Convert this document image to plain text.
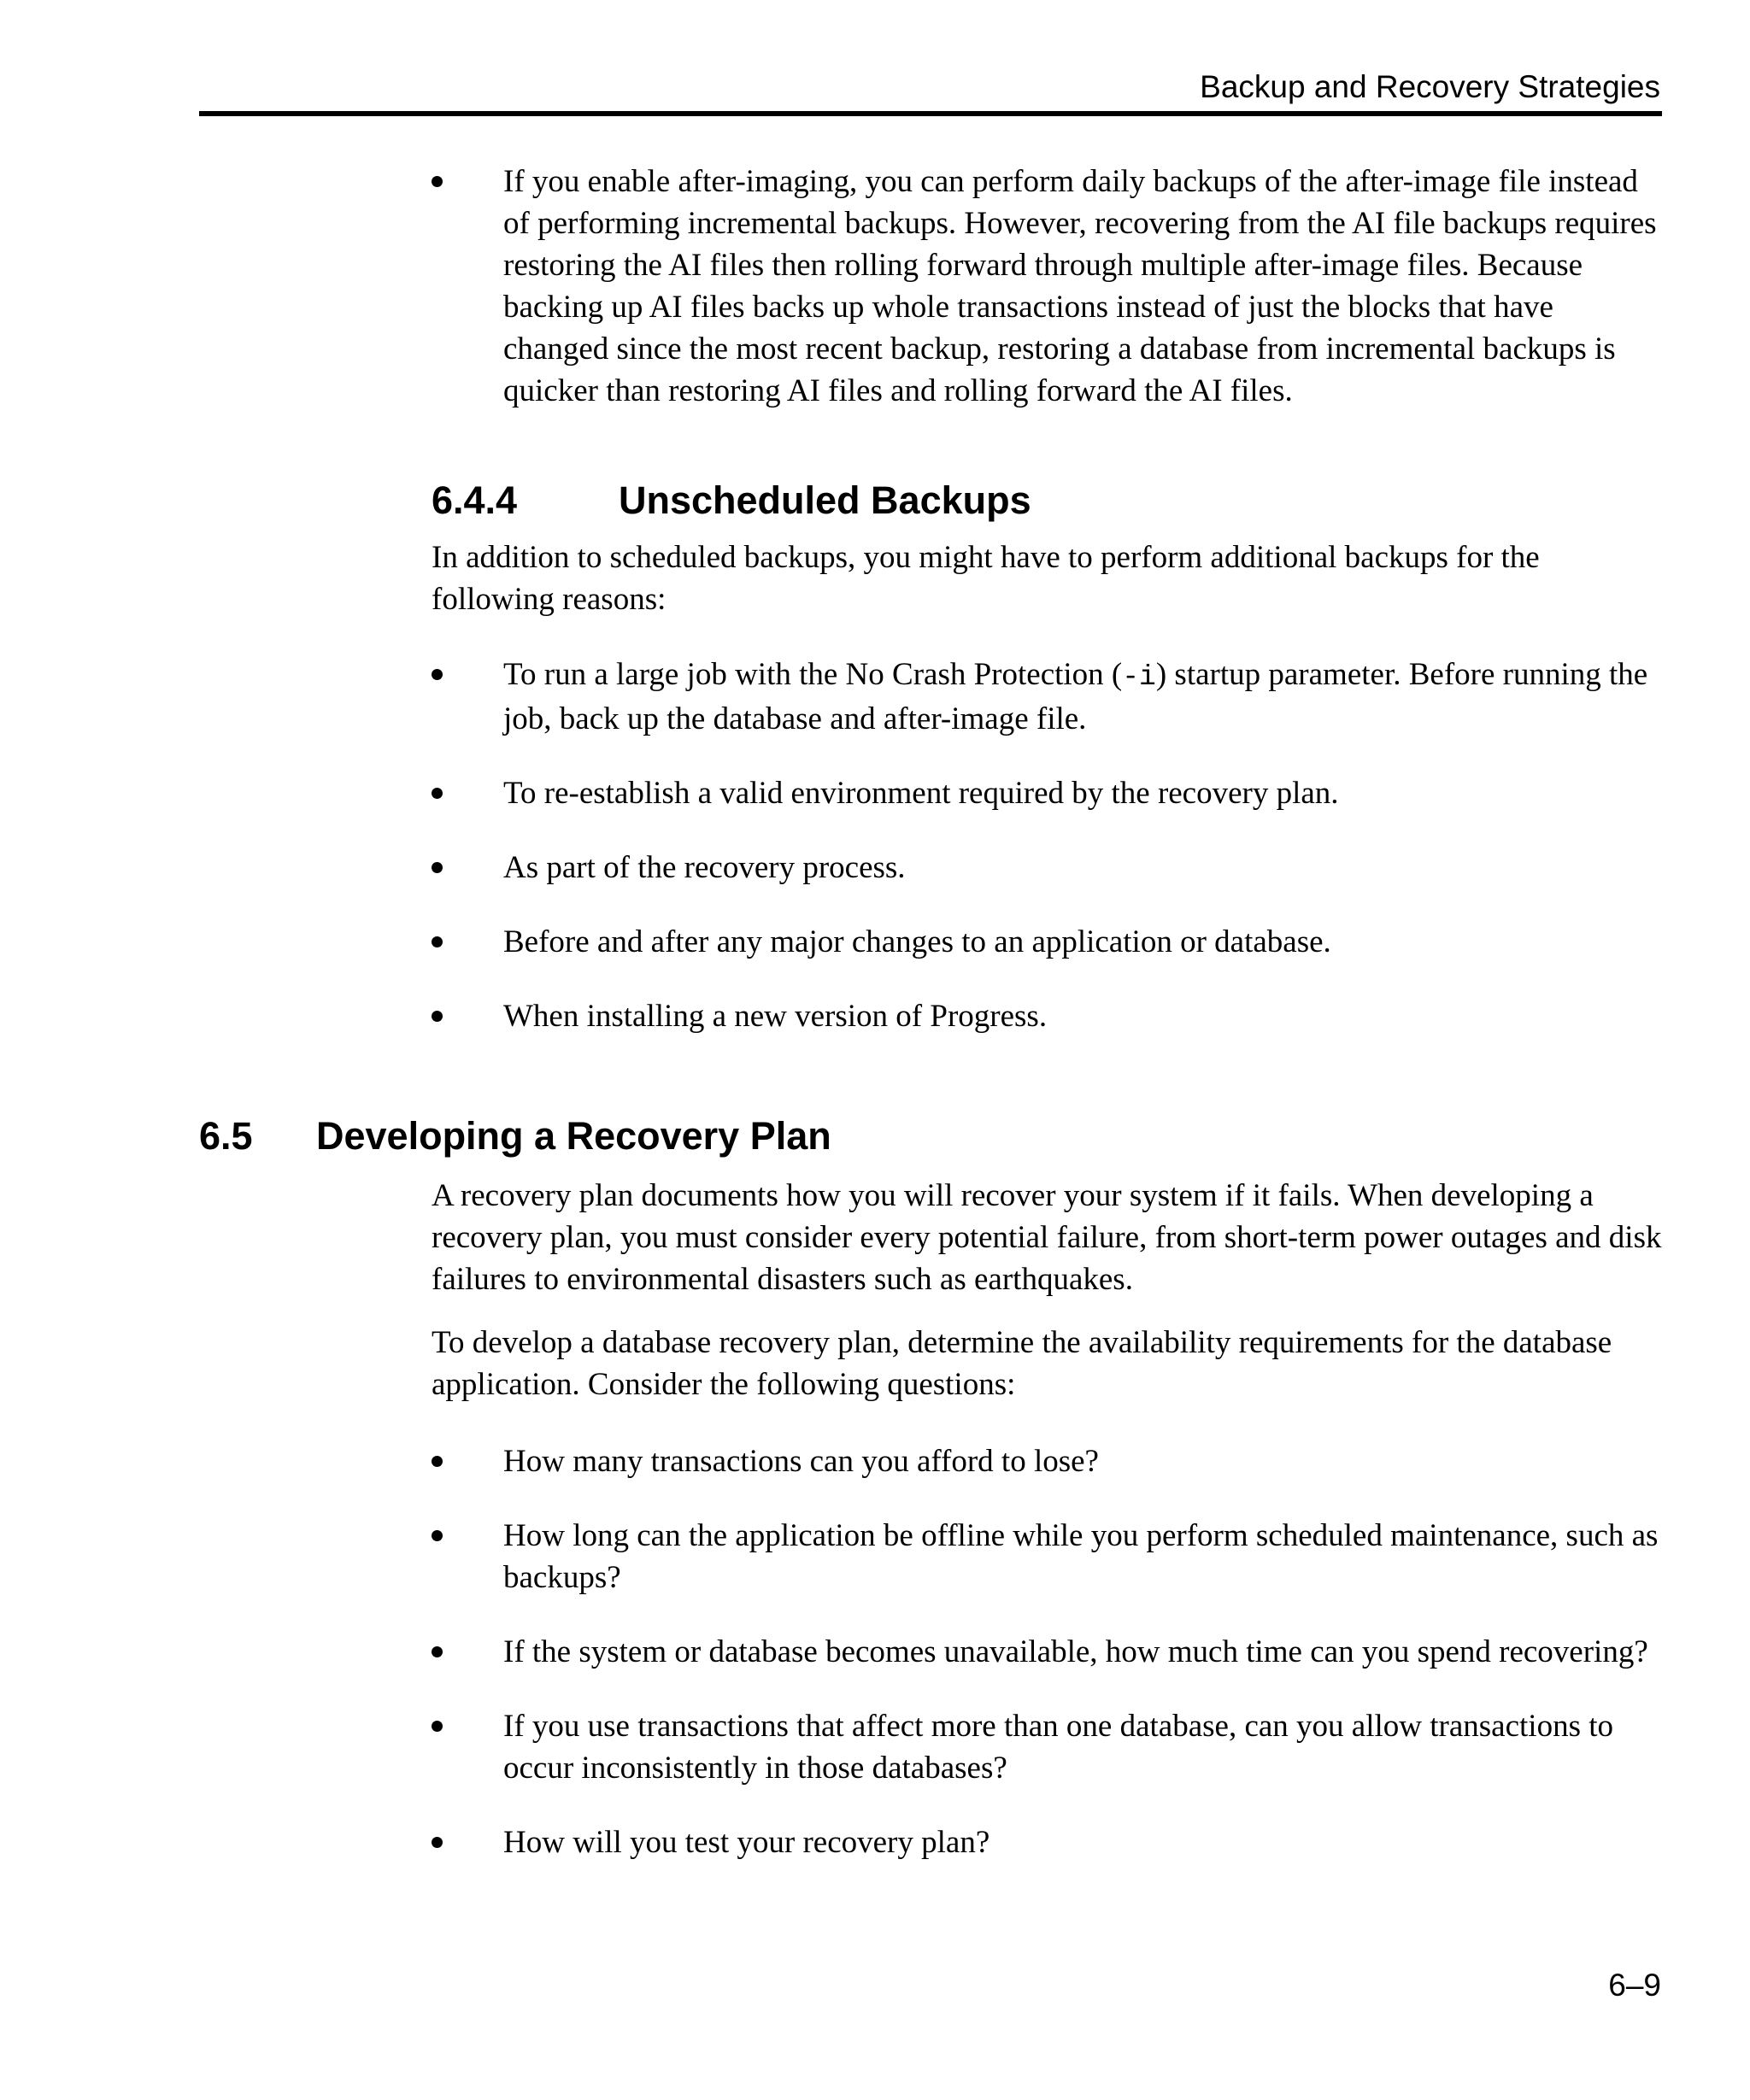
Backup and Recovery Strategies
If you enable after-imaging, you can perform daily backups of the after-image file instead of performing incremental backups. However, recovering from the AI file backups requires restoring the AI files then rolling forward through multiple after-image files. Because backing up AI files backs up whole transactions instead of just the blocks that have changed since the most recent backup, restoring a database from incremental backups is quicker than restoring AI files and rolling forward the AI files.
6.4.4	Unscheduled Backups

In addition to scheduled backups, you might have to perform additional backups for the following reasons:

To run a large job with the No Crash Protection (-i) startup parameter. Before running the job, back up the database and after-image file.
To re-establish a valid environment required by the recovery plan.
As part of the recovery process.
Before and after any major changes to an application or database.
When installing a new version of Progress.
6.5 Developing a Recovery Plan

A recovery plan documents how you will recover your system if it fails. When developing a recovery plan, you must consider every potential failure, from short-term power outages and disk failures to environmental disasters such as earthquakes.

To develop a database recovery plan, determine the availability requirements for the database application. Consider the following questions:

How many transactions can you afford to lose?
How long can the application be offline while you perform scheduled maintenance, such as backups?
If the system or database becomes unavailable, how much time can you spend recovering?
If you use transactions that affect more than one database, can you allow transactions to occur inconsistently in those databases?
How will you test your recovery plan?
6–9
